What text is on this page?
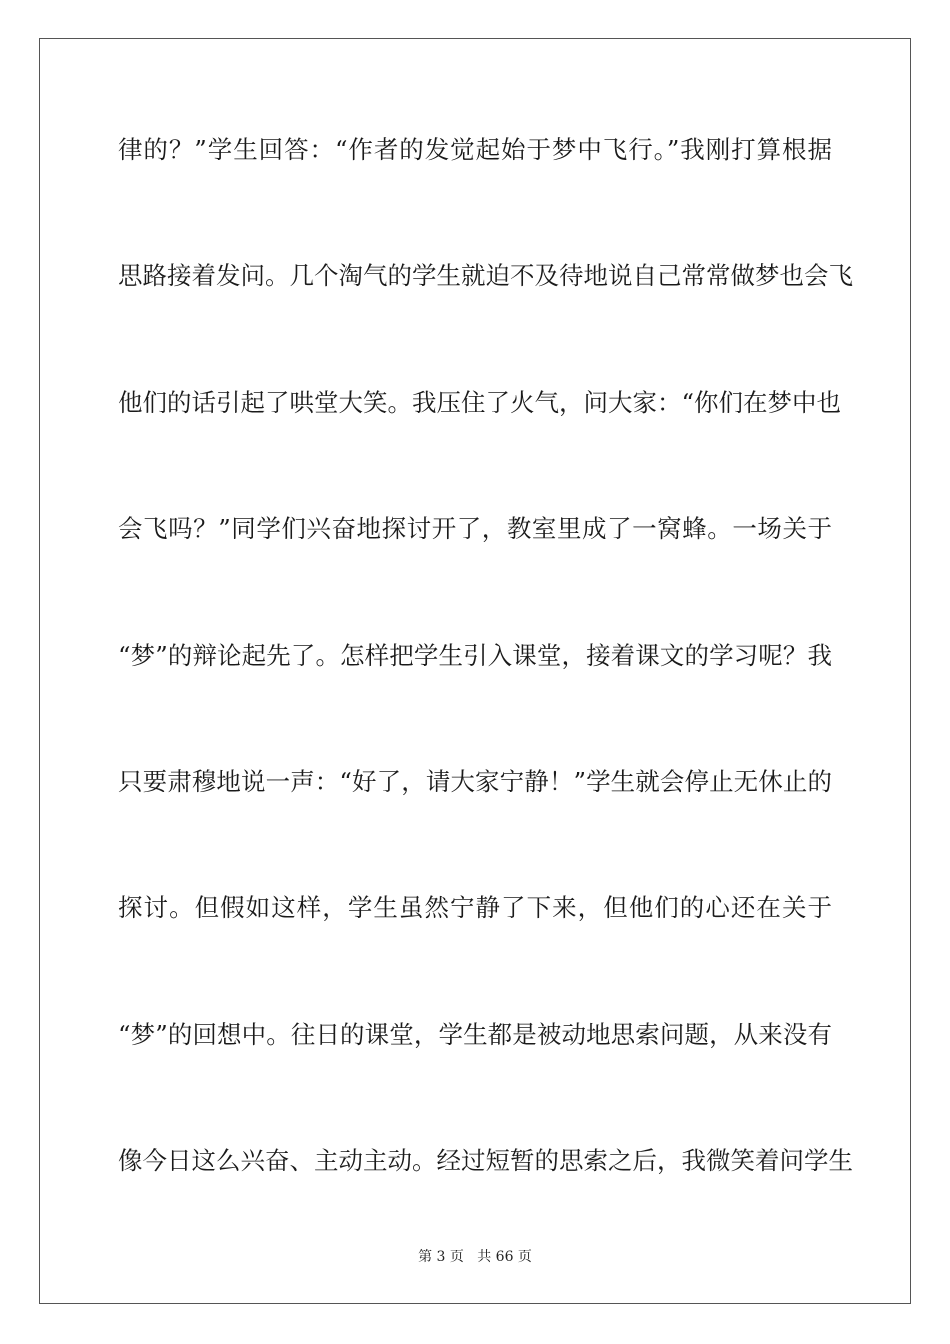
律的？”学生回答：“作者的发觉起始于梦中飞行。”我刚打算根据
思路接着发问。几个淘气的学生就迫不及待地说自己常常做梦也会飞
他们的话引起了哄堂大笑。我压住了火气，问大家：“你们在梦中也
会飞吗？”同学们兴奋地探讨开了，教室里成了一窝蜂。一场关于
“梦”的辩论起先了。怎样把学生引入课堂，接着课文的学习呢？我
只要肃穆地说一声：“好了，请大家宁静！”学生就会停止无休止的
探讨。但假如这样，学生虽然宁静了下来，但他们的心还在关于
“梦”的回想中。往日的课堂，学生都是被动地思索问题，从来没有
像今日这么兴奋、主动主动。经过短暂的思索之后，我微笑着问学生
第 3 页   共 66 页
